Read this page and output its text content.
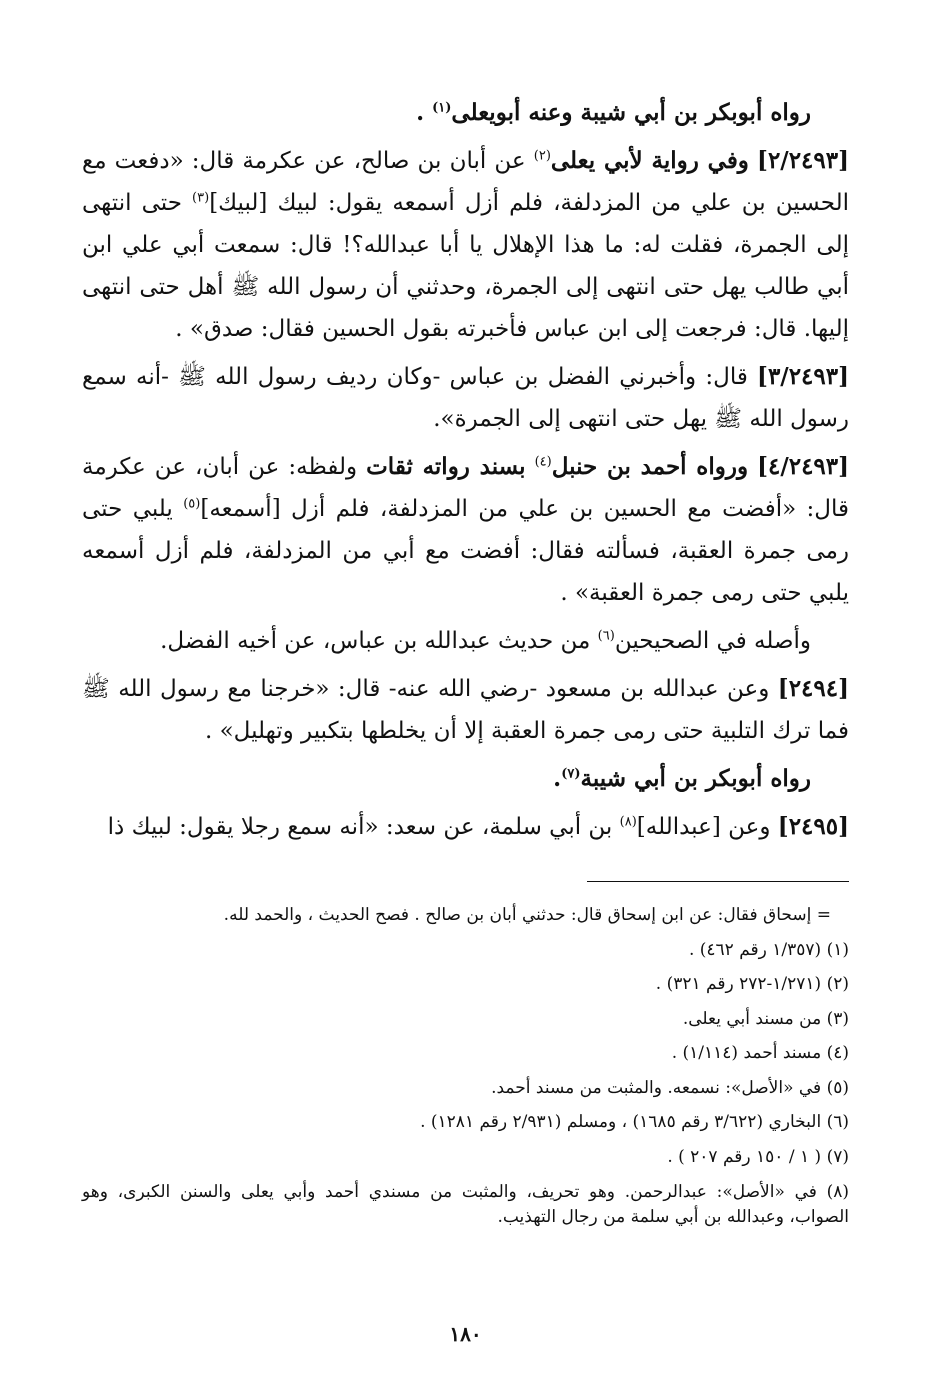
رواه أبوبكر بن أبي شيبة وعنه أبويعلى$^{(١)}$ .

[٢/٢٤٩٣] وفي رواية لأبي يعلى$^{(٢)}$ عن أبان بن صالح، عن عكرمة قال: «دفعت مع الحسين بن علي من المزدلفة، فلم أزل أسمعه يقول: لبيك [لبيك]$^{(٣)}$ حتى انتهى إلى الجمرة، فقلت له: ما هذا الإهلال يا أبا عبدالله؟! قال: سمعت أبي علي ابن أبي طالب يهل حتى انتهى إلى الجمرة، وحدثني أن رسول الله ﷺ أهل حتى انتهى إليها. قال: فرجعت إلى ابن عباس فأخبرته بقول الحسين فقال: صدق» .

[٣/٢٤٩٣] قال: وأخبرني الفضل بن عباس -وكان رديف رسول الله ﷺ -أنه سمع رسول الله ﷺ يهل حتى انتهى إلى الجمرة».

[٤/٢٤٩٣] ورواه أحمد بن حنبل$^{(٤)}$ بسند رواته ثقات ولفظه: عن أبان، عن عكرمة قال: «أفضت مع الحسين بن علي من المزدلفة، فلم أزل [أسمعه]$^{(٥)}$ يلبي حتى رمى جمرة العقبة، فسألته فقال: أفضت مع أبي من المزدلفة، فلم أزل أسمعه يلبي حتى رمى جمرة العقبة» .

وأصله في الصحيحين$^{(٦)}$ من حديث عبدالله بن عباس، عن أخيه الفضل.

[٢٤٩٤] وعن عبدالله بن مسعود -رضي الله عنه- قال: «خرجنا مع رسول الله ﷺ فما ترك التلبية حتى رمى جمرة العقبة إلا أن يخلطها بتكبير وتهليل» .

رواه أبوبكر بن أبي شيبة$^{(٧)}$.

[٢٤٩٥] وعن [عبدالله]$^{(٨)}$ بن أبي سلمة، عن سعد: «أنه سمع رجلا يقول: لبيك ذا

= إسحاق فقال: عن ابن إسحاق قال: حدثني أبان بن صالح . فصح الحديث ، والحمد لله.

(١) (١/٣٥٧ رقم ٤٦٢) .

(٢) (١/٢٧١-٢٧٢ رقم ٣٢١) .

(٣) من مسند أبي يعلى.

(٤) مسند أحمد (١/١١٤) .

(٥) في «الأصل»: نسمعه. والمثبت من مسند أحمد.

(٦) البخاري (٣/٦٢٢ رقم ١٦٨٥) ، ومسلم (٢/٩٣١ رقم ١٢٨١) .

(٧) ( ١ / ١٥٠ رقم ٢٠٧ ) .

(٨) في «الأصل»: عبدالرحمن. وهو تحريف، والمثبت من مسندي أحمد وأبي يعلى والسنن الكبرى، وهو الصواب، وعبدالله بن أبي سلمة من رجال التهذيب.

١٨٠
